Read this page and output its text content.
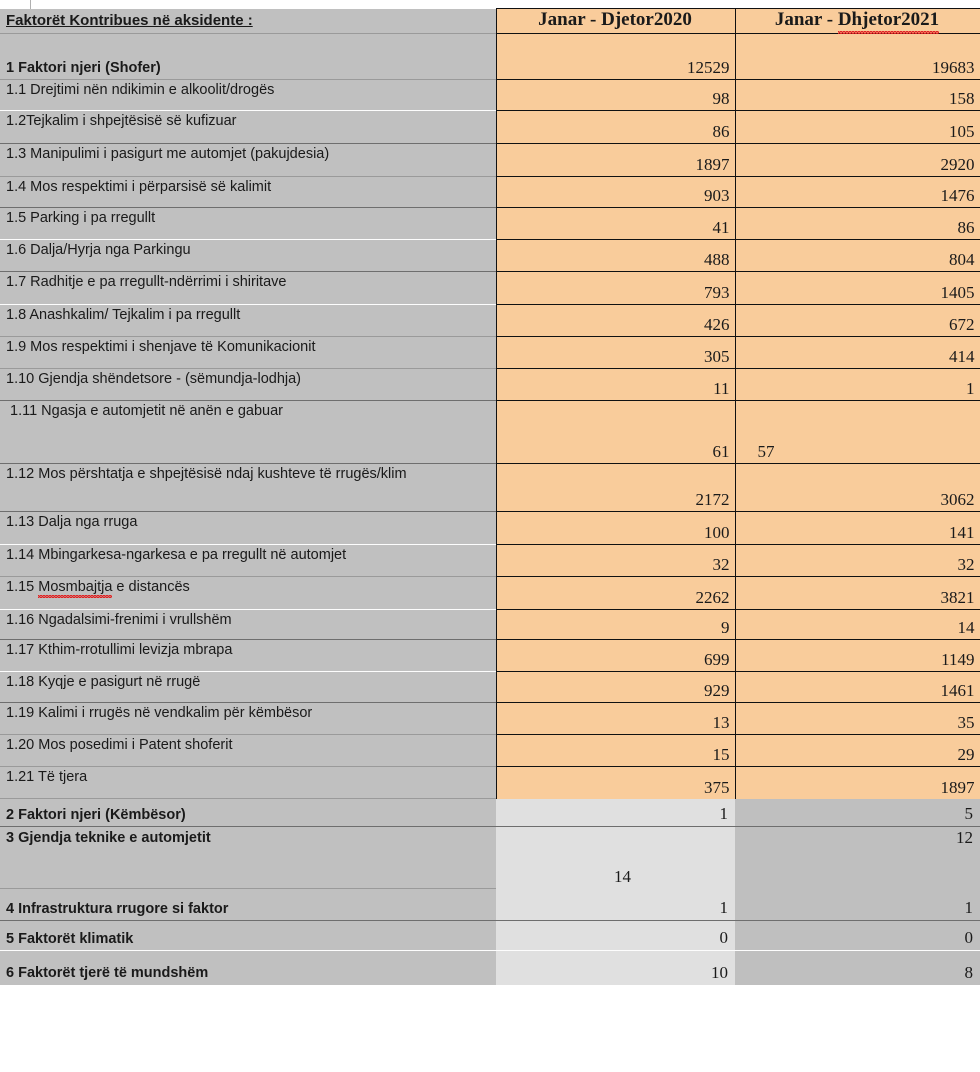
Faktorët Kontribues në aksidente :	Janar - Djetor2020	Janar - Dhjetor2021
1 Faktori njeri (Shofer)	12529	19683
1.1 Drejtimi nën ndikimin e alkoolit/drogës	98	158
1.2Tejkalim i shpejtësisë së kufizuar	86	105
1.3 Manipulimi i pasigurt me automjet (pakujdesia)	1897	2920
1.4 Mos respektimi i përparsisë së kalimit	903	1476
1.5 Parking i pa rregullt	41	86
1.6 Dalja/Hyrja nga Parkingu	488	804
1.7 Radhitje e pa rregullt-ndërrimi i shiritave	793	1405
1.8 Anashkalim/ Tejkalim i pa rregullt	426	672
1.9 Mos respektimi i shenjave të Komunikacionit	305	414
1.10 Gjendja shëndetsore - (sëmundja-lodhja)	11	1
1.11 Ngasja e automjetit në anën e gabuar	61	57
1.12 Mos përshtatja e shpejtësisë ndaj kushteve të rrugës/klim	2172	3062
1.13 Dalja nga rruga	100	141
1.14 Mbingarkesa-ngarkesa e pa rregullt në automjet	32	32
1.15 Mosmbajtja e distancës	2262	3821
1.16 Ngadalsimi-frenimi i vrullshëm	9	14
1.17 Kthim-rrotullimi levizja mbrapa	699	1149
1.18 Kyqje e pasigurt në rrugë	929	1461
1.19 Kalimi i rrugës në vendkalim për këmbësor	13	35
1.20 Mos posedimi i Patent shoferit	15	29
1.21 Të tjera	375	1897
2 Faktori njeri (Këmbësor)	1	5
3 Gjendja teknike e automjetit	14	12
4 Infrastruktura rrugore si faktor	1	1
5 Faktorët klimatik	0	0
6 Faktorët tjerë të mundshëm	10	8
